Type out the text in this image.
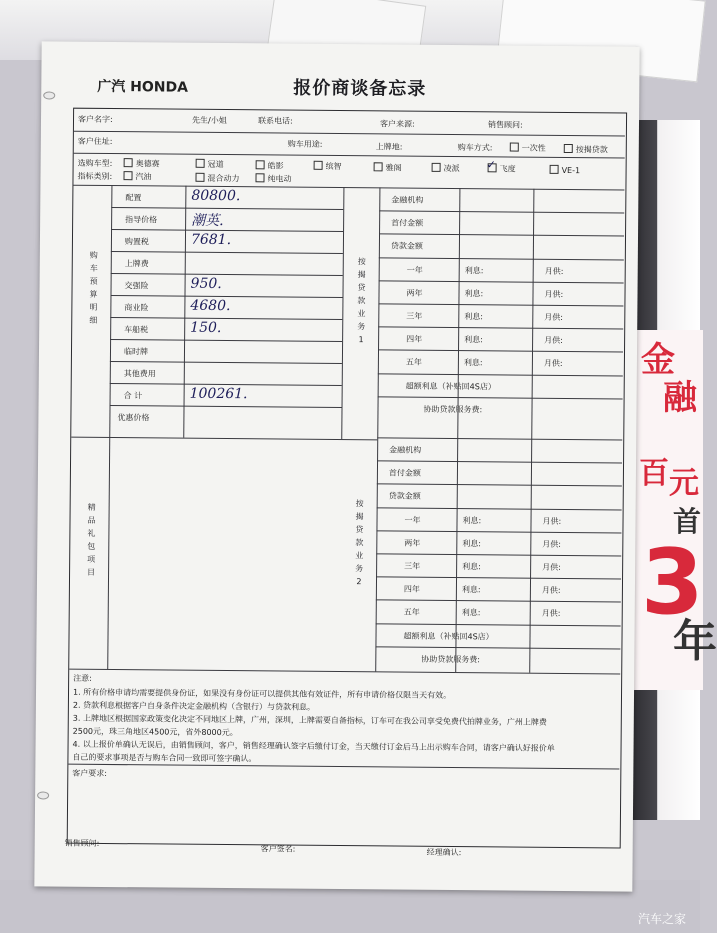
金
融
百 元
首
3
年
汽车之家
广汽 HONDA	报价商谈备忘录
客户名字:	先生/小姐	联系电话:	客户来源:	销售顾问:
客户住址:	购车用途:	上牌地:	购车方式:	一次性	按揭贷款
选购车型:	奥德赛	冠道	皓影	缤智	雅阁	凌派 ✓ 飞度	VE-1
指标类别:	汽油	混合动力	纯电动
购车预算明细
配置	80800.
指导价格 潮英.
购置税	7681.
上牌费
交强险	950.
商业险	4680.
车船税	150.
临时牌
其他费用
合 计	100261.
优惠价格
按揭贷款业务1
金融机构
首付金额
贷款金额
一年	利息:	月供:
两年	利息:	月供:
三年	利息:	月供:
四年	利息:	月供:
五年	利息:	月供:
超额利息（补贴回4S店）
协助贷款服务费:
精品礼包项目
按揭贷款业务2
金融机构
首付金额
贷款金额
一年	利息:	月供:
两年	利息:	月供:
三年	利息:	月供:
四年	利息:	月供:
五年	利息:	月供:
超额利息（补贴回4S店）
协助贷款服务费:
注意:
1. 所有价格申请均需要提供身份证，如果没有身份证可以提供其他有效证件，所有申请价格仅限当天有效。
2. 贷款利息根据客户自身条件决定金融机构（含银行）与贷款利息。
3. 上牌地区根据国家政策变化决定不同地区上牌，广州，深圳，上牌需要自备指标，订车可在我公司享受免费代拍牌业务，广州上牌费
2500元，珠三角地区4500元，省外8000元。
4. 以上报价单确认无误后，由销售顾问，客户，销售经理确认签字后缴付订金，当天缴付订金后马上出示购车合同，请客户确认好报价单
自己的要求事项是否与购车合同一致即可签字确认。
客户要求:
销售顾问:
客户签名:	经理确认:
